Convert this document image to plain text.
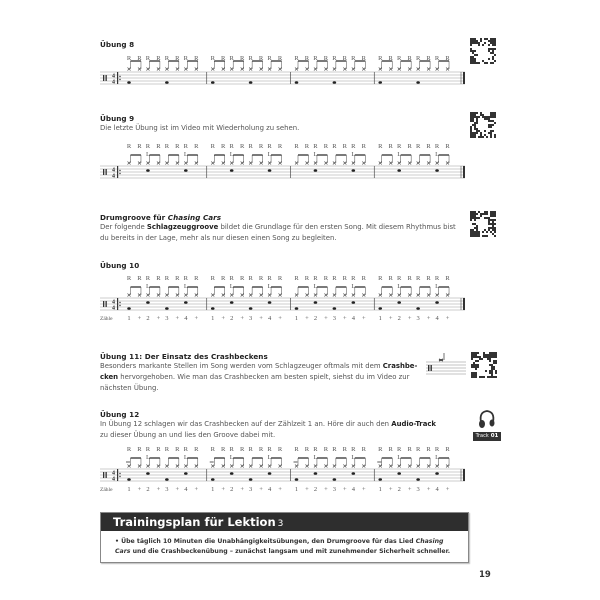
Übung 8
4
4
R R R R R R R R R R R R R R R R R R R R R R R R R R R R R R R R
Übung 9
Die letzte Übung ist im Video mit Wiederholung zu sehen.
4
4
R R R
L
R R R R
L
R R R R
L
R R R R
L
R R R R
L
R R R R
L
R R R R
L
R R R R
L
R
Drumgroove für Chasing Cars
Der folgende Schlagzeuggroove bildet die Grundlage für den ersten Song. Mit diesem Rhythmus bist du bereits in der Lage, mehr als nur diesen einen Song zu begleiten.
Übung 10
4
4
R R R
L
R R R R
L
R
1 + 2 + 3 + 4 +
R R R
L
R R R R
L
R
1 + 2 + 3 + 4 +
R R R
L
R R R R
L
R
1 + 2 + 3 + 4 +
R R R
L
R R R R
L
R
1 + 2 + 3 + 4 +
Zähle
Übung 11: Der Einsatz des Crashbeckens
Besonders markante Stellen im Song werden vom Schlagzeuger oftmals mit dem Crashbe-cken hervorgehoben. Wie man das Crashbecken am besten spielt, siehst du im Video zur nächsten Übung.
Übung 12
In Übung 12 schlagen wir das Crashbecken auf der Zählzeit 1 an. Höre dir auch den Audio-Track zu dieser Übung an und lies den Groove dabei mit.	Track 01
4
4
R R R
L
R R R R
L
R
1 + 2 + 3 + 4 +
R R R
L
R R R R
L
R
1 + 2 + 3 + 4 +
R R R
L
R R R R
L
R
1 + 2 + 3 + 4 +
R R R
L
R R R R
L
R
1 + 2 + 3 + 4 +
Zähle
Trainingsplan für Lektion 3
• Übe täglich 10 Minuten die Unabhängigkeitsübungen, den Drumgroove für das Lied Chasing Cars und die Crashbeckenübung – zunächst langsam und mit zunehmender Sicherheit schneller.
19
